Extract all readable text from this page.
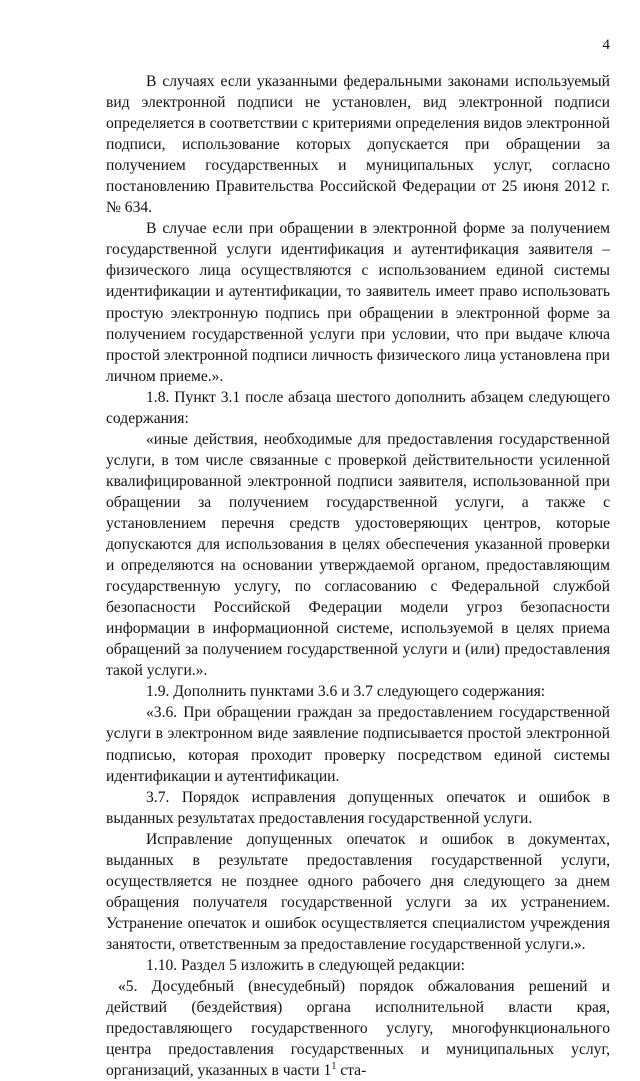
4

В случаях если указанными федеральными законами используемый вид электронной подписи не установлен, вид электронной подписи определяется в соответствии с критериями определения видов электронной подписи, использование которых допускается при обращении за получением государственных и муниципальных услуг, согласно постановлению Правительства Российской Федерации от 25 июня 2012 г. № 634.

В случае если при обращении в электронной форме за получением государственной услуги идентификация и аутентификация заявителя – физического лица осуществляются с использованием единой системы идентификации и аутентификации, то заявитель имеет право использовать простую электронную подпись при обращении в электронной форме за получением государственной услуги при условии, что при выдаче ключа простой электронной подписи личность физического лица установлена при личном приеме.».

1.8. Пункт 3.1 после абзаца шестого дополнить абзацем следующего содержания:

«иные действия, необходимые для предоставления государственной услуги, в том числе связанные с проверкой действительности усиленной квалифицированной электронной подписи заявителя, использованной при обращении за получением государственной услуги, а также с установлением перечня средств удостоверяющих центров, которые допускаются для использования в целях обеспечения указанной проверки и определяются на основании утверждаемой органом, предоставляющим государственную услугу, по согласованию с Федеральной службой безопасности Российской Федерации модели угроз безопасности информации в информационной системе, используемой в целях приема обращений за получением государственной услуги и (или) предоставления такой услуги.».

1.9. Дополнить пунктами 3.6 и 3.7 следующего содержания:

«3.6. При обращении граждан за предоставлением государственной услуги в электронном виде заявление подписывается простой электронной подписью, которая проходит проверку посредством единой системы идентификации и аутентификации.

3.7. Порядок исправления допущенных опечаток и ошибок в выданных результатах предоставления государственной услуги.

Исправление допущенных опечаток и ошибок в документах, выданных в результате предоставления государственной услуги, осуществляется не позднее одного рабочего дня следующего за днем обращения получателя государственной услуги за их устранением. Устранение опечаток и ошибок осуществляется специалистом учреждения занятости, ответственным за предоставление государственной услуги.».

1.10. Раздел 5 изложить в следующей редакции:

«5. Досудебный (внесудебный) порядок обжалования решений и действий (бездействия) органа исполнительной власти края, предоставляющего государственного услугу, многофункционального центра предоставления государственных и муниципальных услуг, организаций, указанных в части $1^1$ ста-
